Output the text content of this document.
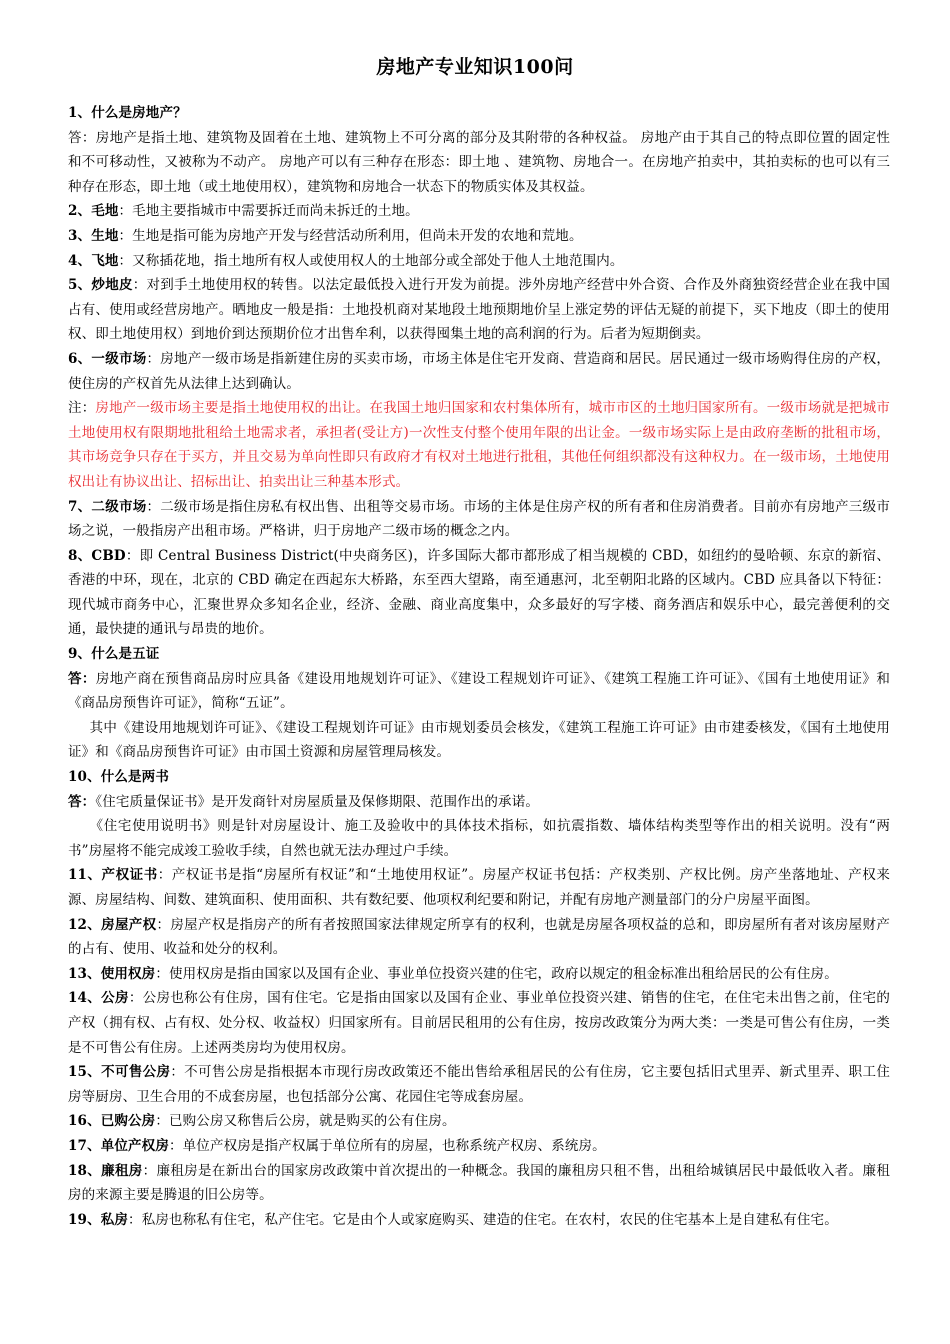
房地产专业知识100问

1、什么是房地产？

答：房地产是指土地、建筑物及固着在土地、建筑物上不可分离的部分及其附带的各种权益。 房地产由于其自己的特点即位置的固定性和不可移动性，又被称为不动产。 房地产可以有三种存在形态：即土地 、建筑物、房地合一。在房地产拍卖中，其拍卖标的也可以有三种存在形态，即土地（或土地使用权），建筑物和房地合一状态下的物质实体及其权益。

2、毛地：毛地主要指城市中需要拆迁而尚未拆迁的土地。

3、生地：生地是指可能为房地产开发与经营活动所利用，但尚未开发的农地和荒地。

4、飞地：又称插花地，指土地所有权人或使用权人的土地部分或全部处于他人土地范围内。

5、炒地皮：对到手土地使用权的转售。以法定最低投入进行开发为前提。涉外房地产经营中外合资、合作及外商独资经营企业在我中国占有、使用或经营房地产。晒地皮一般是指：土地投机商对某地段土地预期地价呈上涨定势的评估无疑的前提下，买下地皮（即土的使用权、即土地使用权）到地价到达预期价位才出售牟利，以获得囤集土地的高利润的行为。后者为短期倒卖。

6、一级市场：房地产一级市场是指新建住房的买卖市场，市场主体是住宅开发商、营造商和居民。居民通过一级市场购得住房的产权，使住房的产权首先从法律上达到确认。

注：房地产一级市场主要是指土地使用权的出让。在我国土地归国家和农村集体所有，城市市区的土地归国家所有。一级市场就是把城市土地使用权有限期地批租给土地需求者，承担者(受让方)一次性支付整个使用年限的出让金。一级市场实际上是由政府垄断的批租市场，其市场竞争只存在于买方，并且交易为单向性即只有政府才有权对土地进行批租，其他任何组织都没有这种权力。在一级市场，土地使用权出让有协议出让、招标出让、拍卖出让三种基本形式。

7、二级市场：二级市场是指住房私有权出售、出租等交易市场。市场的主体是住房产权的所有者和住房消费者。目前亦有房地产三级市场之说，一般指房产出租市场。严格讲，归于房地产二级市场的概念之内。

8、CBD：即 Central Business District(中央商务区)，许多国际大都市都形成了相当规模的 CBD，如纽约的曼哈顿、东京的新宿、香港的中环，现在，北京的 CBD 确定在西起东大桥路，东至西大望路，南至通惠河，北至朝阳北路的区域内。CBD 应具备以下特征：现代城市商务中心，汇聚世界众多知名企业，经济、金融、商业高度集中，众多最好的写字楼、商务酒店和娱乐中心，最完善便利的交通，最快捷的通讯与昂贵的地价。

9、什么是五证

答：房地产商在预售商品房时应具备《建设用地规划许可证》、《建设工程规划许可证》、《建筑工程施工许可证》、《国有土地使用证》和《商品房预售许可证》，简称“五证”。

其中《建设用地规划许可证》、《建设工程规划许可证》由市规划委员会核发，《建筑工程施工许可证》由市建委核发，《国有土地使用证》和《商品房预售许可证》由市国土资源和房屋管理局核发。

10、什么是两书

答：《住宅质量保证书》是开发商针对房屋质量及保修期限、范围作出的承诺。

《住宅使用说明书》则是针对房屋设计、施工及验收中的具体技术指标，如抗震指数、墙体结构类型等作出的相关说明。没有“两书”房屋将不能完成竣工验收手续，自然也就无法办理过户手续。

11、产权证书：产权证书是指“房屋所有权证”和“土地使用权证”。房屋产权证书包括：产权类别、产权比例。房产坐落地址、产权来源、房屋结构、间数、建筑面积、使用面积、共有数纪要、他项权利纪要和附记，并配有房地产测量部门的分户房屋平面图。

12、房屋产权：房屋产权是指房产的所有者按照国家法律规定所享有的权利，也就是房屋各项权益的总和，即房屋所有者对该房屋财产的占有、使用、收益和处分的权利。

13、使用权房：使用权房是指由国家以及国有企业、事业单位投资兴建的住宅，政府以规定的租金标准出租给居民的公有住房。

14、公房：公房也称公有住房，国有住宅。它是指由国家以及国有企业、事业单位投资兴建、销售的住宅，在住宅未出售之前，住宅的产权（拥有权、占有权、处分权、收益权）归国家所有。目前居民租用的公有住房，按房改政策分为两大类：一类是可售公有住房，一类是不可售公有住房。上述两类房均为使用权房。

15、不可售公房：不可售公房是指根据本市现行房改政策还不能出售给承租居民的公有住房，它主要包括旧式里弄、新式里弄、职工住房等厨房、卫生合用的不成套房屋，也包括部分公寓、花园住宅等成套房屋。

16、已购公房：已购公房又称售后公房，就是购买的公有住房。

17、单位产权房：单位产权房是指产权属于单位所有的房屋，也称系统产权房、系统房。

18、廉租房：廉租房是在新出台的国家房改政策中首次提出的一种概念。我国的廉租房只租不售，出租给城镇居民中最低收入者。廉租房的来源主要是腾退的旧公房等。

19、私房：私房也称私有住宅，私产住宅。它是由个人或家庭购买、建造的住宅。在农村，农民的住宅基本上是自建私有住宅。
